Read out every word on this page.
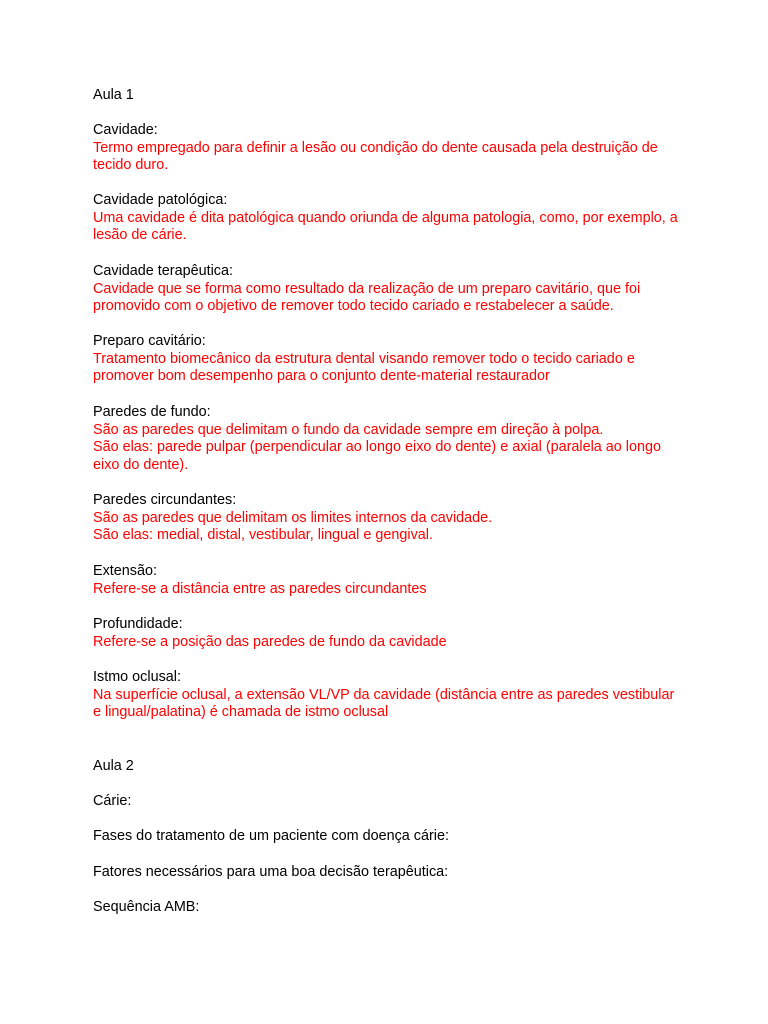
Aula 1
Cavidade:
Termo empregado para definir a lesão ou condição do dente causada pela destruição de
tecido duro.
Cavidade patológica:
Uma cavidade é dita patológica quando oriunda de alguma patologia, como, por exemplo, a
lesão de cárie.
Cavidade terapêutica:
Cavidade que se forma como resultado da realização de um preparo cavitário, que foi
promovido com o objetivo de remover todo tecido cariado e restabelecer a saúde.
Preparo cavitário:
Tratamento biomecânico da estrutura dental visando remover todo o tecido cariado e
promover bom desempenho para o conjunto dente-material restaurador
Paredes de fundo:
São as paredes que delimitam o fundo da cavidade sempre em direção à polpa.
São elas: parede pulpar (perpendicular ao longo eixo do dente) e axial (paralela ao longo
eixo do dente).
Paredes circundantes:
São as paredes que delimitam os limites internos da cavidade.
São elas: medial, distal, vestibular, lingual e gengival.
Extensão:
Refere-se a distância entre as paredes circundantes
Profundidade:
Refere-se a posição das paredes de fundo da cavidade
Istmo oclusal:
Na superfície oclusal, a extensão VL/VP da cavidade (distância entre as paredes vestibular
e lingual/palatina) é chamada de istmo oclusal
Aula 2
Cárie:
Fases do tratamento de um paciente com doença cárie:
Fatores necessários para uma boa decisão terapêutica:
Sequência AMB:
